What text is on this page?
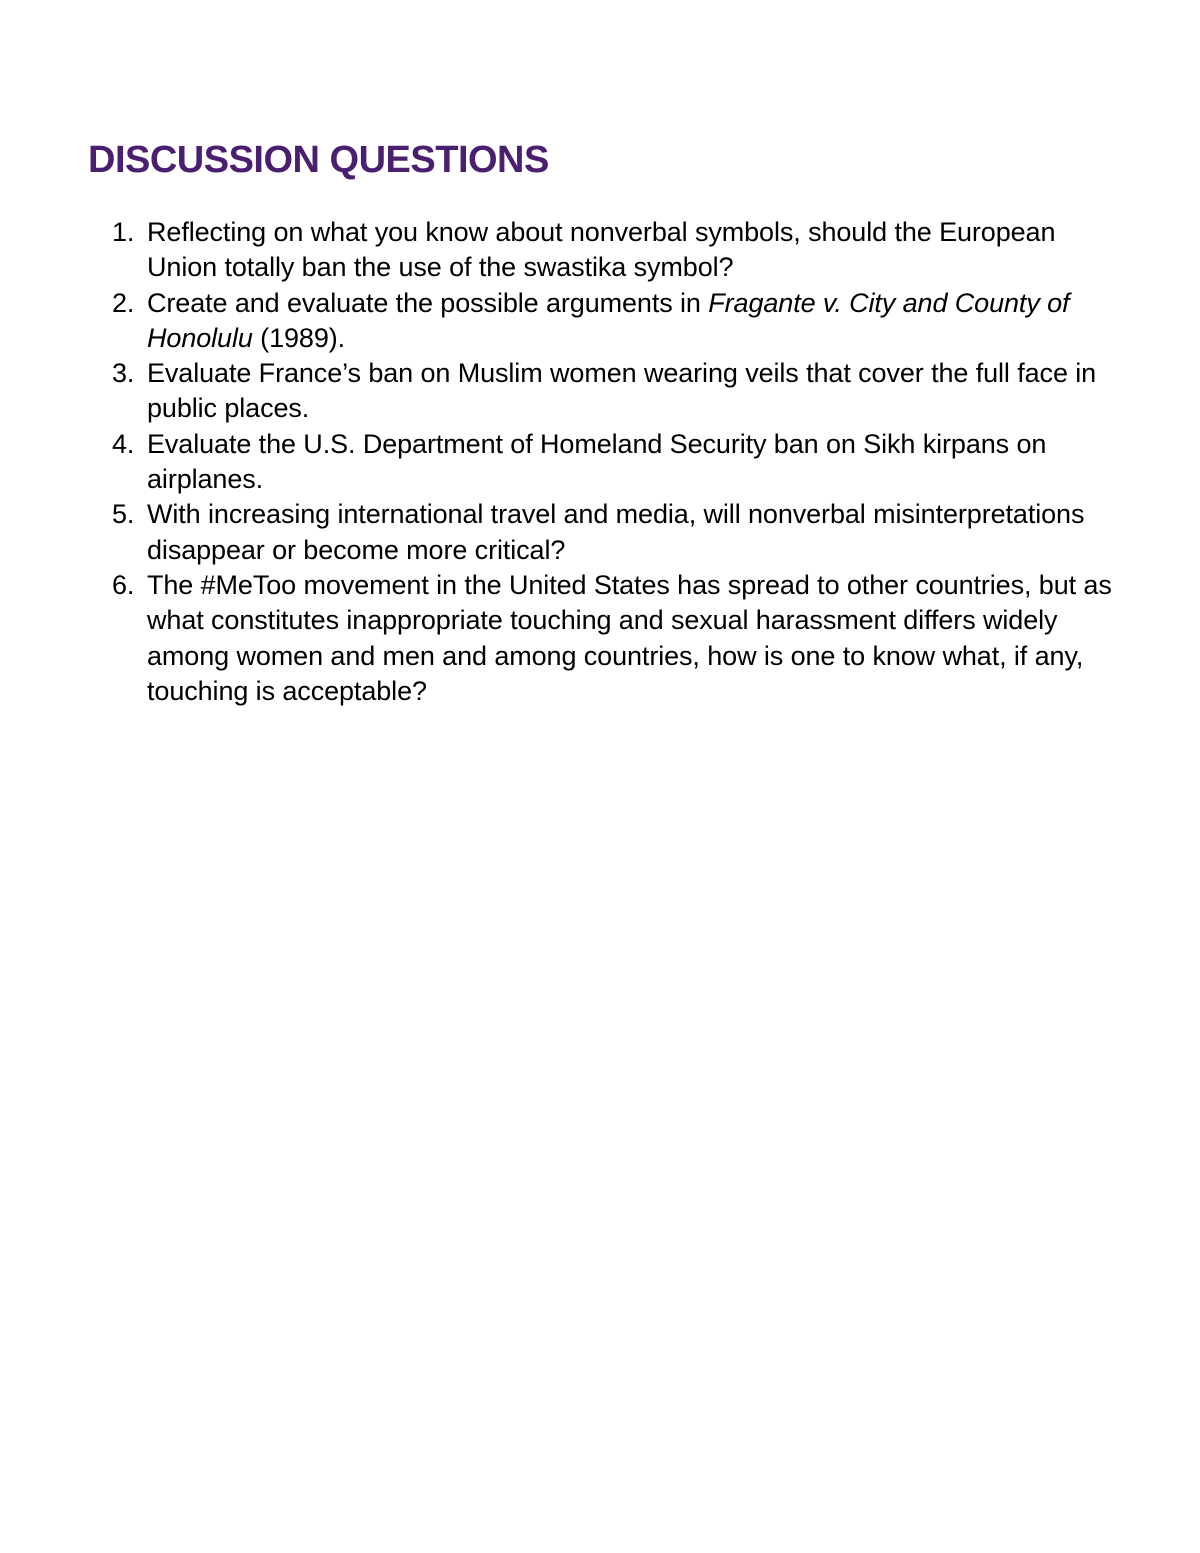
DISCUSSION QUESTIONS
1. Reflecting on what you know about nonverbal symbols, should the European Union totally ban the use of the swastika symbol?
2. Create and evaluate the possible arguments in Fragante v. City and County of Honolulu (1989).
3. Evaluate France’s ban on Muslim women wearing veils that cover the full face in public places.
4. Evaluate the U.S. Department of Homeland Security ban on Sikh kirpans on airplanes.
5. With increasing international travel and media, will nonverbal misinterpretations disappear or become more critical?
6. The #MeToo movement in the United States has spread to other countries, but as what constitutes inappropriate touching and sexual harassment differs widely among women and men and among countries, how is one to know what, if any, touching is acceptable?
